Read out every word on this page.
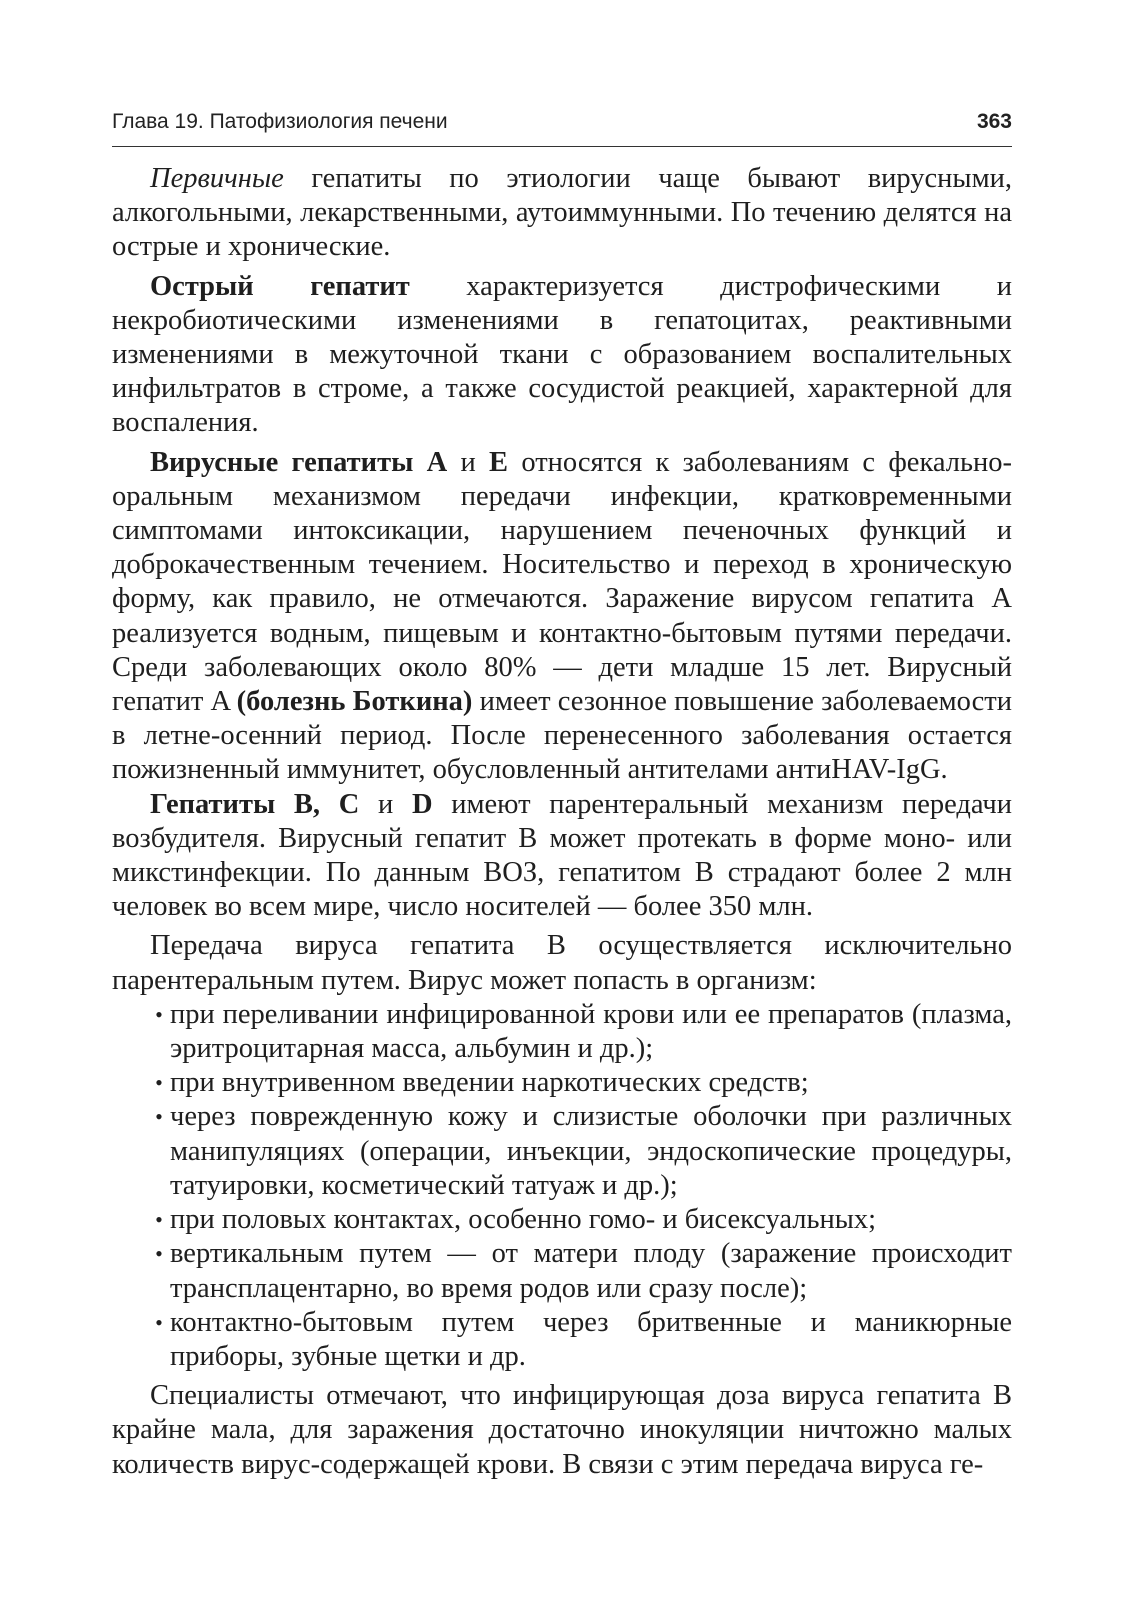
Глава 19. Патофизиология печени	363

Первичные гепатиты по этиологии чаще бывают вирусными, алкогольными, лекарственными, аутоиммунными. По течению делятся на острые и хронические.

Острый гепатит характеризуется дистрофическими и некробиотическими изменениями в гепатоцитах, реактивными изменениями в межуточной ткани с образованием воспалительных инфильтратов в строме, а также сосудистой реакцией, характерной для воспаления.

Вирусные гепатиты A и E относятся к заболеваниям с фекально-оральным механизмом передачи инфекции, кратковременными симптомами интоксикации, нарушением печеночных функций и доброкачественным течением. Носительство и переход в хроническую форму, как правило, не отмечаются. Заражение вирусом гепатита A реализуется водным, пищевым и контактно-бытовым путями передачи. Среди заболевающих около 80% — дети младше 15 лет. Вирусный гепатит A (болезнь Боткина) имеет сезонное повышение заболеваемости в летне-осенний период. После перенесенного заболевания остается пожизненный иммунитет, обусловленный антителами антиHAV-IgG.

Гепатиты B, C и D имеют парентеральный механизм передачи возбудителя. Вирусный гепатит B может протекать в форме моно- или микстинфекции. По данным ВОЗ, гепатитом B страдают более 2 млн человек во всем мире, число носителей — более 350 млн.

Передача вируса гепатита B осуществляется исключительно парентеральным путем. Вирус может попасть в организм:

• при переливании инфицированной крови или ее препаратов (плазма, эритроцитарная масса, альбумин и др.);
• при внутривенном введении наркотических средств;
• через поврежденную кожу и слизистые оболочки при различных манипуляциях (операции, инъекции, эндоскопические процедуры, татуировки, косметический татуаж и др.);
• при половых контактах, особенно гомо- и бисексуальных;
• вертикальным путем — от матери плоду (заражение происходит трансплацентарно, во время родов или сразу после);
• контактно-бытовым путем через бритвенные и маникюрные приборы, зубные щетки и др.

Специалисты отмечают, что инфицирующая доза вируса гепатита B крайне мала, для заражения достаточно инокуляции ничтожно малых количеств вирус-содержащей крови. В связи с этим передача вируса ге-
